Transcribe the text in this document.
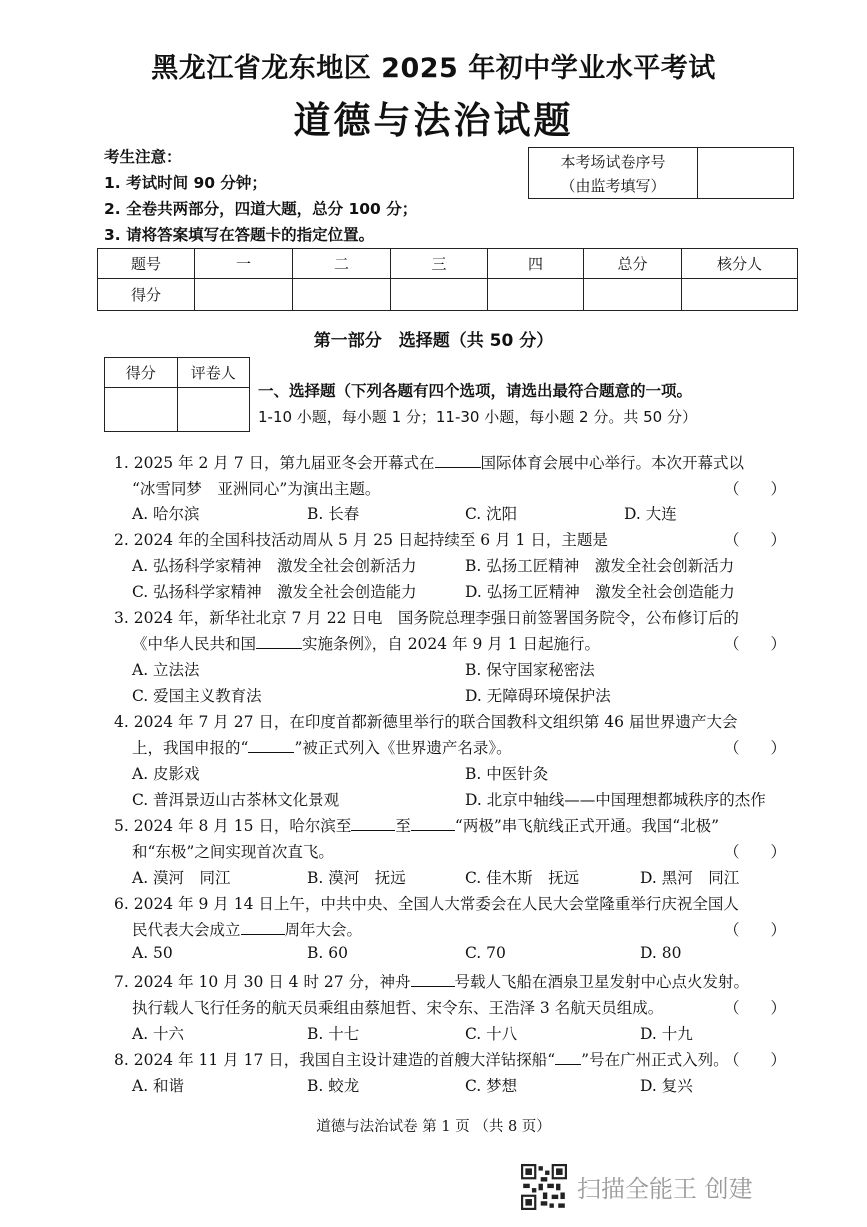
黑龙江省龙东地区 2025 年初中学业水平考试
道德与法治试题
考生注意：
1. 考试时间 90 分钟；
2. 全卷共两部分，四道大题，总分 100 分；
3. 请将答案填写在答题卡的指定位置。
本考场试卷序号
（由监考填写）
题号	一	二	三	四	总分	核分人
得分						
第一部分　选择题（共 50 分）
得分	评卷人

一、选择题（下列各题有四个选项，请选出最符合题意的一项。
1-10 小题，每小题 1 分；11-30 小题，每小题 2 分。共 50 分）
1. 2025 年 2 月 7 日，第九届亚冬会开幕式在	国际体育会展中心举行。本次开幕式以
“冰雪同梦　亚洲同心”为演出主题。	（　　）
A. 哈尔滨	B. 长春	C. 沈阳	D. 大连
2. 2024 年的全国科技活动周从 5 月 25 日起持续至 6 月 1 日，主题是	（　　）
A. 弘扬科学家精神　激发全社会创新活力	B. 弘扬工匠精神　激发全社会创新活力
C. 弘扬科学家精神　激发全社会创造能力	D. 弘扬工匠精神　激发全社会创造能力
3. 2024 年，新华社北京 7 月 22 日电　国务院总理李强日前签署国务院令，公布修订后的
《中华人民共和国	实施条例》，自 2024 年 9 月 1 日起施行。	（　　）
A. 立法法	B. 保守国家秘密法
C. 爱国主义教育法	D. 无障碍环境保护法
4. 2024 年 7 月 27 日，在印度首都新德里举行的联合国教科文组织第 46 届世界遗产大会
上，我国申报的“	”被正式列入《世界遗产名录》。	（　　）
A. 皮影戏	B. 中医针灸
C. 普洱景迈山古茶林文化景观	D. 北京中轴线——中国理想都城秩序的杰作
5. 2024 年 8 月 15 日，哈尔滨至	至	“两极”串飞航线正式开通。我国“北极”
和“东极”之间实现首次直飞。	（　　）
A. 漠河　同江	B. 漠河　抚远	C. 佳木斯　抚远	D. 黑河　同江
6. 2024 年 9 月 14 日上午，中共中央、全国人大常委会在人民大会堂隆重举行庆祝全国人
民代表大会成立	周年大会。	（　　）
A. 50	B. 60	C. 70	D. 80
7. 2024 年 10 月 30 日 4 时 27 分，神舟	号载人飞船在酒泉卫星发射中心点火发射。
执行载人飞行任务的航天员乘组由蔡旭哲、宋令东、王浩泽 3 名航天员组成。	（　　）
A. 十六	B. 十七	C. 十八	D. 十九
8. 2024 年 11 月 17 日，我国自主设计建造的首艘大洋钻探船“ ”号在广州正式入列。
（　　）
A. 和谐	B. 蛟龙	C. 梦想	D. 复兴
道德与法治试卷 第 1 页 （共 8 页）
扫描全能王 创建
